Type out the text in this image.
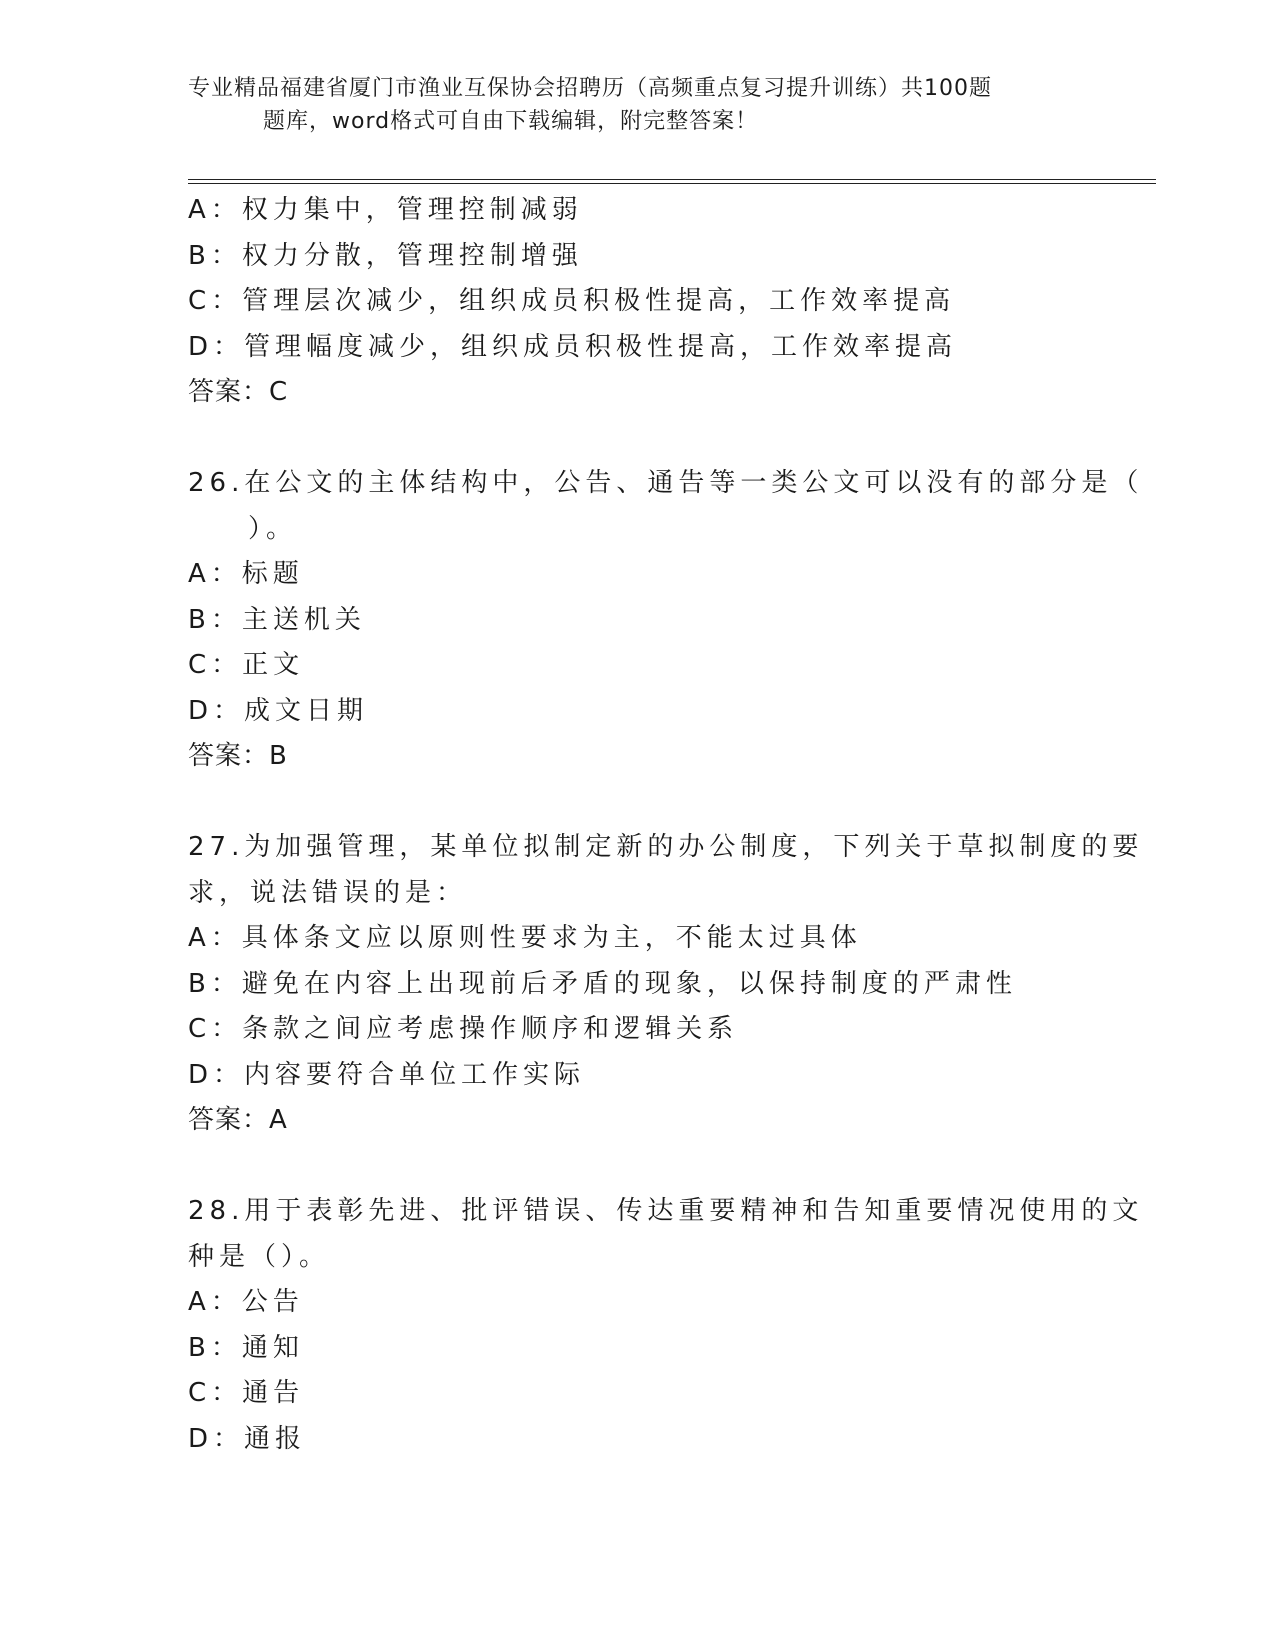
专业精品福建省厦门市渔业互保协会招聘历（高频重点复习提升训练）共100题
题库，word格式可自由下载编辑，附完整答案！
A：权力集中，管理控制减弱
B：权力分散，管理控制增强
C：管理层次减少，组织成员积极性提高，工作效率提高
D：管理幅度减少，组织成员积极性提高，工作效率提高
答案：C
26.在公文的主体结构中，公告、通告等一类公文可以没有的部分是（
）。
A：标题
B：主送机关
C：正文
D：成文日期
答案：B
27.为加强管理，某单位拟制定新的办公制度，下列关于草拟制度的要
求，说法错误的是：
A：具体条文应以原则性要求为主，不能太过具体
B：避免在内容上出现前后矛盾的现象，以保持制度的严肃性
C：条款之间应考虑操作顺序和逻辑关系
D：内容要符合单位工作实际
答案：A
28.用于表彰先进、批评错误、传达重要精神和告知重要情况使用的文
种是（）。
A：公告
B：通知
C：通告
D：通报
